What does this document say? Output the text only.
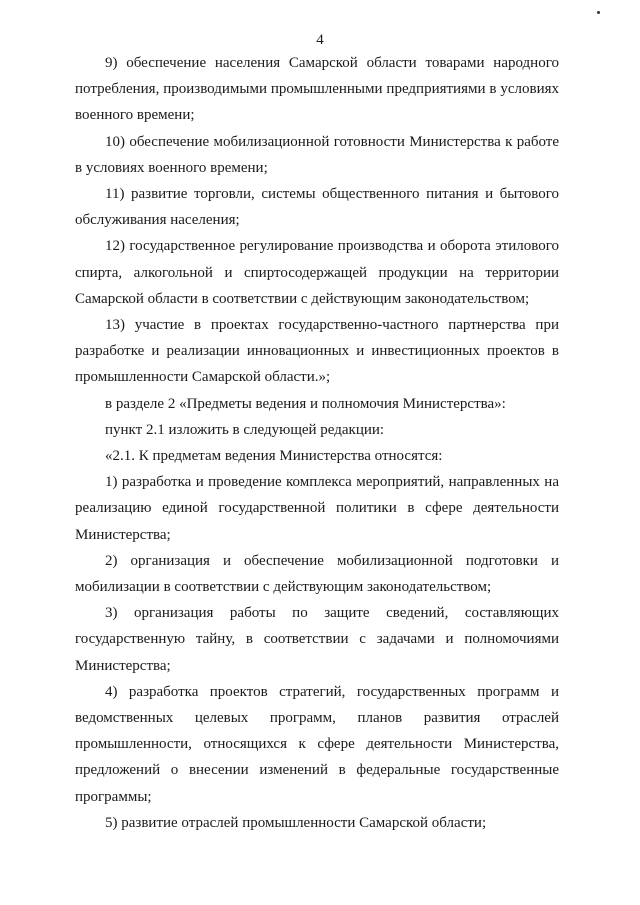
4

9) обеспечение населения Самарской области товарами народного потребления, производимыми промышленными предприятиями в условиях военного времени;

10) обеспечение мобилизационной готовности Министерства к работе в условиях военного времени;

11) развитие торговли, системы общественного питания и бытового обслуживания населения;

12) государственное регулирование производства и оборота этилового спирта, алкогольной и спиртосодержащей продукции на территории Самарской области в соответствии с действующим законодательством;

13) участие в проектах государственно-частного партнерства при разработке и реализации инновационных и инвестиционных проектов в промышленности Самарской области.»;

в разделе 2 «Предметы ведения и полномочия Министерства»:

пункт 2.1 изложить в следующей редакции:

«2.1. К предметам ведения Министерства относятся:

1) разработка и проведение комплекса мероприятий, направленных на реализацию единой государственной политики в сфере деятельности Министерства;

2) организация и обеспечение мобилизационной подготовки и мобилизации в соответствии с действующим законодательством;

3) организация работы по защите сведений, составляющих государственную тайну, в соответствии с задачами и полномочиями Министерства;

4) разработка проектов стратегий, государственных программ и ведомственных целевых программ, планов развития отраслей промышленности, относящихся к сфере деятельности Министерства, предложений о внесении изменений в федеральные государственные программы;

5) развитие отраслей промышленности Самарской области;
